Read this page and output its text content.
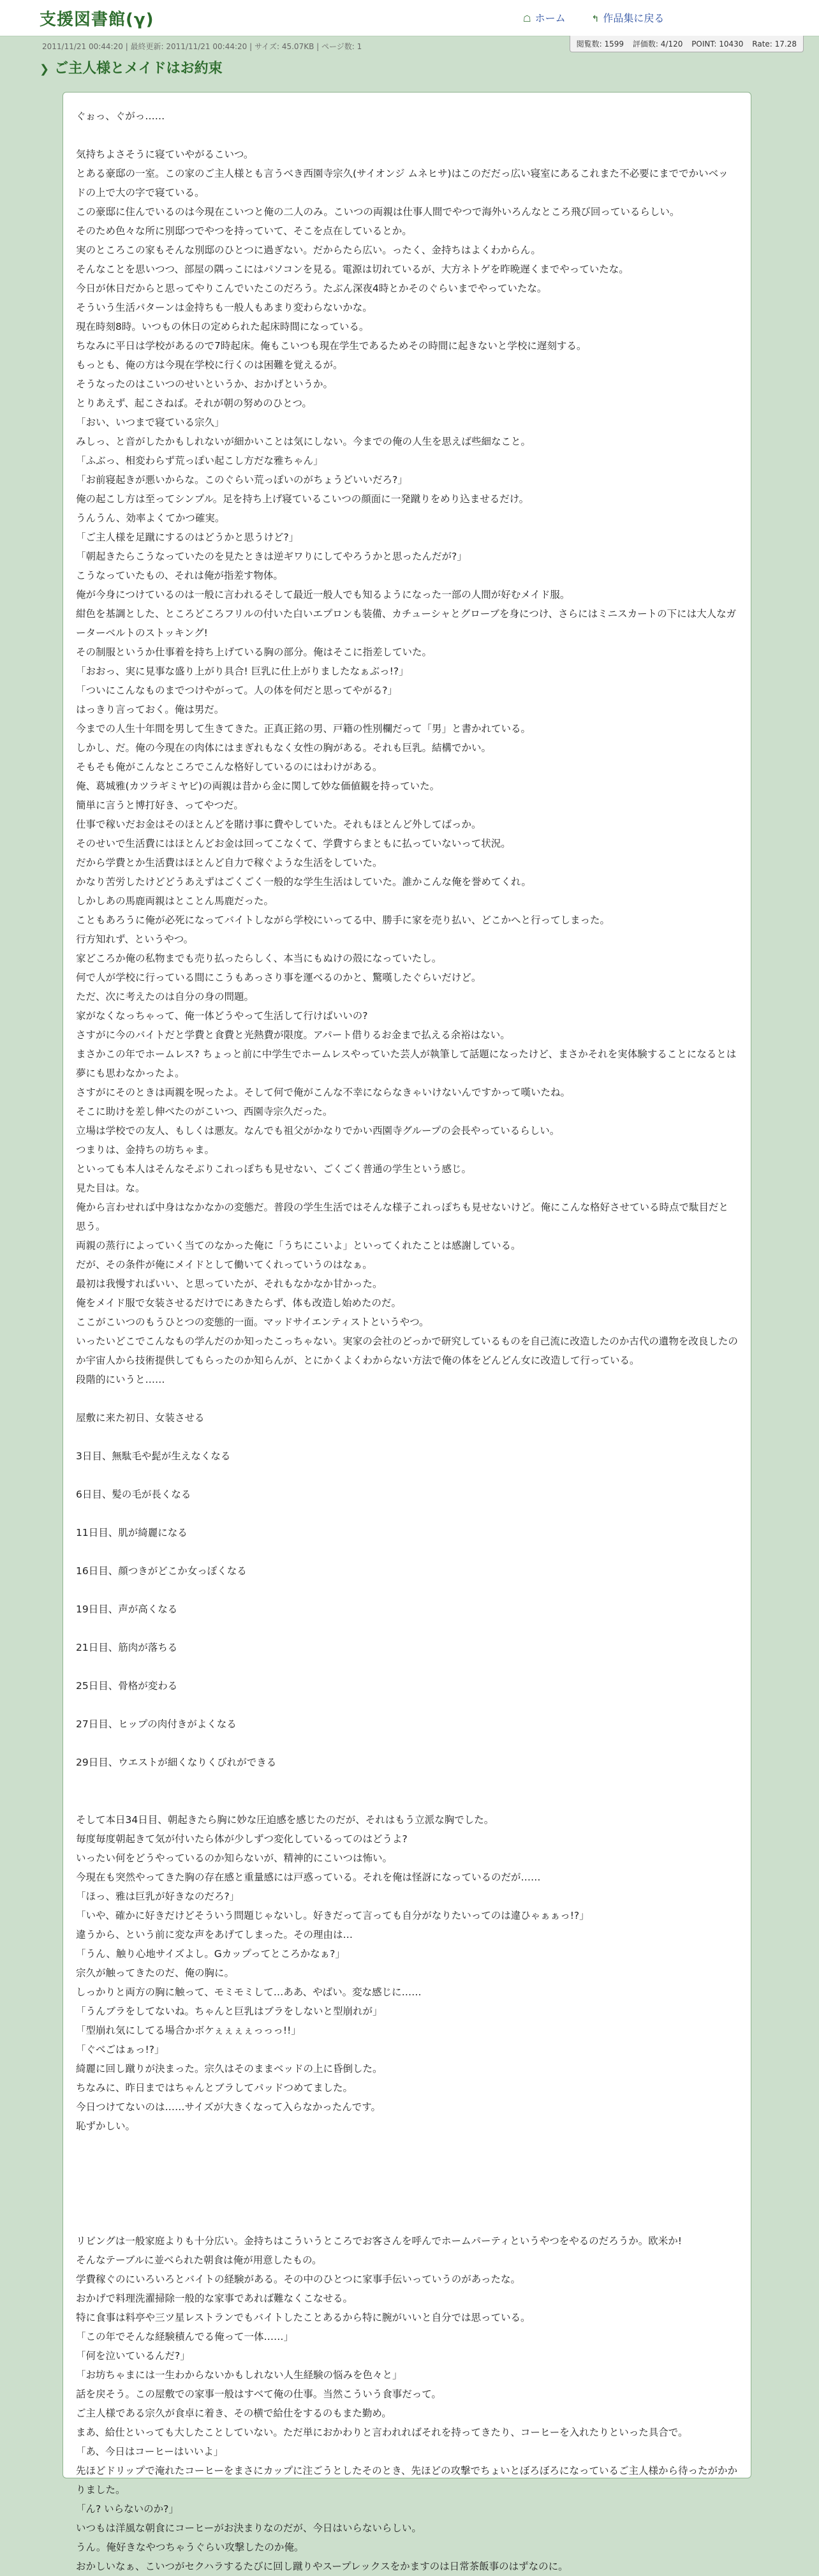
支援図書館(γ)	☖ ホーム	↰ 作品集に戻る
2011/11/21 00:44:20 | 最終更新: 2011/11/21 00:44:20 | サイズ: 45.07KB | ページ数: 1	閲覧数: 1599 評価数: 4/120 POINT: 10430 Rate: 17.28
❯ ご主人様とメイドはお約束

ぐぉっ、ぐがっ……

気持ちよさそうに寝ていやがるこいつ。

とある豪邸の一室。この家のご主人様とも言うべき西園寺宗久(サイオンジ ムネヒサ)はこのだだっ広い寝室にあるこれまた不必要にまででかいベッドの上で大の字で寝ている。

この豪邸に住んでいるのは今現在こいつと俺の二人のみ。こいつの両親は仕事人間でやつで海外いろんなところ飛び回っているらしい。

そのため色々な所に別邸つでやつを持っていて、そこを点在しているとか。

実のところこの家もそんな別邸のひとつに過ぎない。だからたら広い。ったく、金持ちはよくわからん。

そんなことを思いつつ、部屋の隅っこにはパソコンを見る。電源は切れているが、大方ネトゲを昨晩遅くまでやっていたな。

今日が休日だからと思ってやりこんでいたこのだろう。たぶん深夜4時とかそのぐらいまでやっていたな。

そういう生活パターンは金持ちも一般人もあまり変わらないかな。

現在時刻8時。いつもの休日の定められた起床時間になっている。

ちなみに平日は学校があるので7時起床。俺もこいつも現在学生であるためその時間に起きないと学校に遅刻する。

もっとも、俺の方は今現在学校に行くのは困難を覚えるが。

そうなったのはこいつのせいというか、おかげというか。

とりあえず、起こさねば。それが朝の努めのひとつ。

「おい、いつまで寝ている宗久」

みしっ、と音がしたかもしれないが細かいことは気にしない。今までの俺の人生を思えば些細なこと。

「ふぶっ、相変わらず荒っぽい起こし方だな雅ちゃん」

「お前寝起きが悪いからな。このぐらい荒っぽいのがちょうどいいだろ?」

俺の起こし方は至ってシンプル。足を持ち上げ寝ているこいつの顔面に一発蹴りをめり込ませるだけ。

うんうん、効率よくてかつ確実。

「ご主人様を足蹴にするのはどうかと思うけど?」

「朝起きたらこうなっていたのを見たときは逆ギワりにしてやろうかと思ったんだが?」

こうなっていたもの、それは俺が指差す物体。

俺が今身につけているのは一般に言われるそして最近一般人でも知るようになった一部の人間が好むメイド服。

紺色を基調とした、ところどころフリルの付いた白いエプロンも装備、カチューシャとグローブを身につけ、さらにはミニスカートの下には大人なガーターベルトのストッキング!

その制服というか仕事着を持ち上げている胸の部分。俺はそこに指差していた。

「おおっ、実に見事な盛り上がり具合! 巨乳に仕上がりましたなぁぶっ!?」

「ついにこんなものまでつけやがって。人の体を何だと思ってやがる?」

はっきり言っておく。俺は男だ。

今までの人生十年間を男して生きてきた。正真正銘の男、戸籍の性別欄だって「男」と書かれている。

しかし、だ。俺の今現在の肉体にはまぎれもなく女性の胸がある。それも巨乳。結構でかい。

そもそも俺がこんなところでこんな格好しているのにはわけがある。

俺、葛城雅(カツラギミヤビ)の両親は昔から金に関して妙な価値観を持っていた。

簡単に言うと博打好き、ってやつだ。

仕事で稼いだお金はそのほとんどを賭け事に費やしていた。それもほとんど外してばっか。

そのせいで生活費にはほとんどお金は回ってこなくて、学費すらまともに払っていないって状況。

だから学費とか生活費はほとんど自力で稼ぐような生活をしていた。

かなり苦労したけどどうあえずはごくごく一般的な学生生活はしていた。誰かこんな俺を誉めてくれ。

しかしあの馬鹿両親はとことん馬鹿だった。

こともあろうに俺が必死になってバイトしながら学校にいってる中、勝手に家を売り払い、どこかへと行ってしまった。

行方知れず、というやつ。

家どころか俺の私物までも売り払ったらしく、本当にもぬけの殻になっていたし。

何で人が学校に行っている間にこうもあっさり事を運べるのかと、驚嘆したぐらいだけど。

ただ、次に考えたのは自分の身の問題。

家がなくなっちゃって、俺一体どうやって生活して行けばいいの?

さすがに今のバイトだと学費と食費と光熱費が限度。アパート借りるお金まで払える余裕はない。

まさかこの年でホームレス? ちょっと前に中学生でホームレスやっていた芸人が執筆して話題になったけど、まさかそれを実体験することになるとは夢にも思わなかったよ。

さすがにそのときは両親を呪ったよ。そして何で俺がこんな不幸にならなきゃいけないんですかって嘆いたね。

そこに助けを差し伸べたのがこいつ、西園寺宗久だった。

立場は学校での友人、もしくは悪友。なんでも祖父がかなりでかい西園寺グループの会長やっているらしい。

つまりは、金持ちの坊ちゃま。

といっても本人はそんなそぶりこれっぽちも見せない、ごくごく普通の学生という感じ。

見た目は。な。

俺から言わせれば中身はなかなかの変態だ。普段の学生生活ではそんな様子これっぽちも見せないけど。俺にこんな格好させている時点で駄目だと思う。

両親の蒸行によっていく当てのなかった俺に「うちにこいよ」といってくれたことは感謝している。

だが、その条件が俺にメイドとして働いてくれっていうのはなぁ。

最初は我慢すればいい、と思っていたが、それもなかなか甘かった。

俺をメイド服で女装させるだけでにあきたらず、体も改造し始めたのだ。

ここがこいつのもうひとつの変態的一面。マッドサイエンティストというやつ。

いったいどこでこんなもの学んだのか知ったこっちゃない。実家の会社のどっかで研究しているものを自己流に改造したのか古代の遺物を改良したのか宇宙人から技術提供してもらったのか知らんが、とにかくよくわからない方法で俺の体をどんどん女に改造して行っている。

段階的にいうと……

屋敷に来た初日、女装させる

3日目、無駄毛や髭が生えなくなる

6日目、髪の毛が長くなる

11日目、肌が綺麗になる

16日目、顔つきがどこか女っぽくなる

19日目、声が高くなる

21日目、筋肉が落ちる

25日目、骨格が変わる

27日目、ヒップの肉付きがよくなる

29日目、ウエストが細くなりくびれができる

そして本日34日目、朝起きたら胸に妙な圧迫感を感じたのだが、それはもう立派な胸でした。

毎度毎度朝起きて気が付いたら体が少しずつ変化しているってのはどうよ?

いったい何をどうやっているのか知らないが、精神的にこいつは怖い。

今現在も突然やってきた胸の存在感と重量感には戸惑っている。それを俺は怪訝になっているのだが……

「ほっ、雅は巨乳が好きなのだろ?」

「いや、確かに好きだけどそういう問題じゃないし。好きだって言っても自分がなりたいってのは違ひゃぁぁっ!?」

違うから、という前に変な声をあげてしまった。その理由は…

「うん、触り心地サイズよし。Gカップってところかなぁ?」

宗久が触ってきたのだ、俺の胸に。

しっかりと両方の胸に触って、モミモミして…ああ、やばい。変な感じに……

「うんブラをしてないね。ちゃんと巨乳はブラをしないと型崩れが」

「型崩れ気にしてる場合かボケぇぇぇぇっっっ!!」

「ぐべごはぁっ!?」

綺麗に回し蹴りが決まった。宗久はそのままベッドの上に昏倒した。

ちなみに、昨日まではちゃんとブラしてパッドつめてました。

今日つけてないのは……サイズが大きくなって入らなかったんです。

恥ずかしい。

リビングは一般家庭よりも十分広い。金持ちはこういうところでお客さんを呼んでホームパーティというやつをやるのだろうか。欧米か!

そんなテーブルに並べられた朝食は俺が用意したもの。

学費稼ぐのにいろいろとバイトの経験がある。その中のひとつに家事手伝いっていうのがあったな。

おかげで料理洗濯掃除一般的な家事であれば難なくこなせる。

特に食事は料亭や三ツ星レストランでもバイトしたことあるから特に腕がいいと自分では思っている。

「この年でそんな経験積んでる俺って一体……」

「何を泣いているんだ?」

「お坊ちゃまには一生わからないかもしれない人生経験の悩みを色々と」

話を戻そう。この屋敷での家事一般はすべて俺の仕事。当然こういう食事だって。

ご主人様である宗久が食卓に着き、その横で給仕をするのもまた勤め。

まあ、給仕といっても大したことしていない。ただ単におかわりと言われればそれを持ってきたり、コーヒーを入れたりといった具合で。

「あ、今日はコーヒーはいいよ」

先ほどドリップで淹れたコーヒーをまさにカップに注ごうとしたそのとき、先ほどの攻撃でちょいとぼろぼろになっているご主人様から待ったがかかりました。

「ん? いらないのか?」

いつもは洋風な朝食にコーヒーがお決まりなのだが、今日はいらないらしい。

うん。俺好きなやつちゃうぐらい攻撃したのか俺。

おかしいなぁ、こいつがセクハラするたびに回し蹴りやスープレックスをかますのは日常茶飯事のはずなのに。
